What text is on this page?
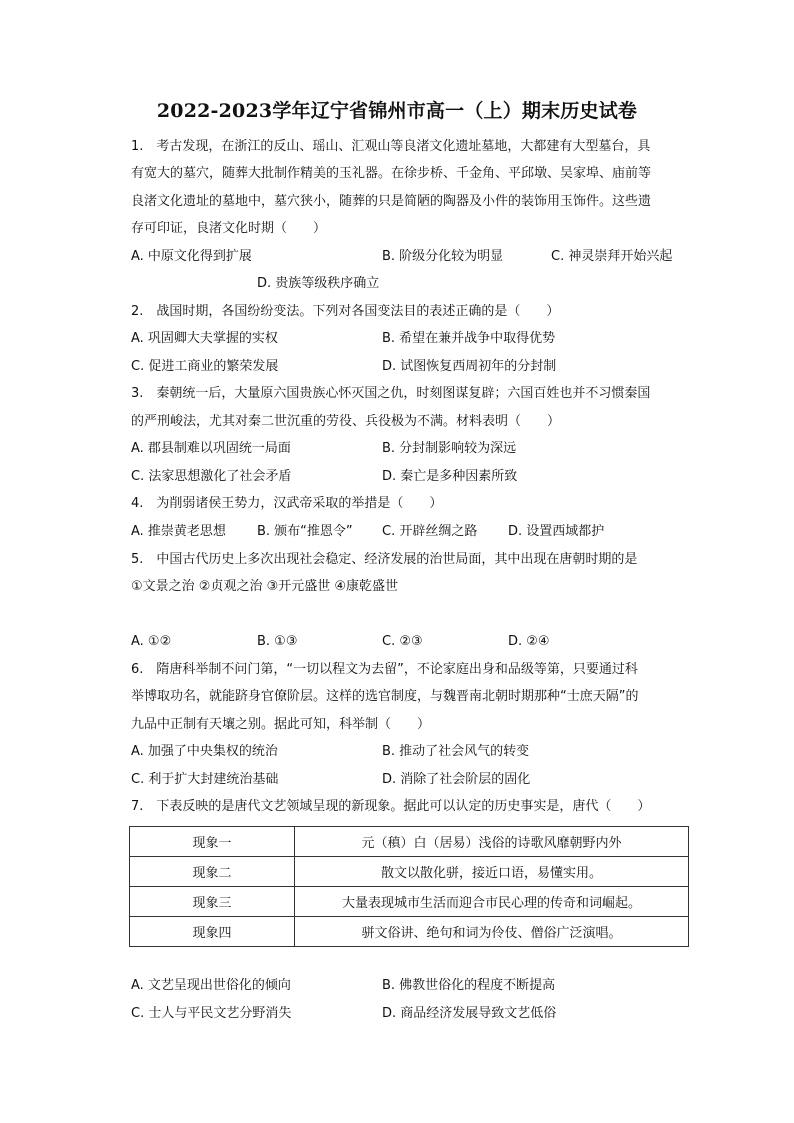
2022-2023学年辽宁省锦州市高一（上）期末历史试卷
1.　考古发现，在浙江的反山、瑶山、汇观山等良渚文化遗址墓地，大都建有大型墓台，具
有宽大的墓穴，随葬大批制作精美的玉礼器。在徐步桥、千金角、平邱墩、吴家埠、庙前等
良渚文化遗址的墓地中，墓穴狭小，随葬的只是简陋的陶器及小件的装饰用玉饰件。这些遗
存可印证，良渚文化时期（　　）
A. 中原文化得到扩展	B. 阶级分化较为明显	C. 神灵崇拜开始兴起
D. 贵族等级秩序确立
2.　战国时期，各国纷纷变法。下列对各国变法目的表述正确的是（　　）
A. 巩固卿大夫掌握的实权	B. 希望在兼并战争中取得优势
C. 促进工商业的繁荣发展	D. 试图恢复西周初年的分封制
3.　秦朝统一后，大量原六国贵族心怀灭国之仇，时刻图谋复辟；六国百姓也并不习惯秦国
的严刑峻法，尤其对秦二世沉重的劳役、兵役极为不满。材料表明（　　）
A. 郡县制难以巩固统一局面	B. 分封制影响较为深远
C. 法家思想激化了社会矛盾	D. 秦亡是多种因素所致
4.　为削弱诸侯王势力，汉武帝采取的举措是（　　）
A. 推崇黄老思想 B. 颁布“推恩令” C. 开辟丝绸之路 D. 设置西域都护
5.　中国古代历史上多次出现社会稳定、经济发展的治世局面，其中出现在唐朝时期的是
①文景之治 ②贞观之治 ③开元盛世 ④康乾盛世
A. ①②	B. ①③	C. ②③	D. ②④
6.　隋唐科举制不问门第，“一切以程文为去留”，不论家庭出身和品级等第，只要通过科
举博取功名，就能跻身官僚阶层。这样的选官制度，与魏晋南北朝时期那种“士庶天隔”的
九品中正制有天壤之别。据此可知，科举制（　　）
A. 加强了中央集权的统治	B. 推动了社会风气的转变
C. 利于扩大封建统治基础	D. 消除了社会阶层的固化
7.　下表反映的是唐代文艺领域呈现的新现象。据此可以认定的历史事实是，唐代（　　）
现象一	元（稹）白（居易）浅俗的诗歌风靡朝野内外
现象二	散文以散化骈，接近口语，易懂实用。
现象三	大量表现城市生活而迎合市民心理的传奇和词崛起。
现象四	骈文俗讲、绝句和词为伶伎、僧俗广泛演唱。
A. 文艺呈现出世俗化的倾向	B. 佛教世俗化的程度不断提高
C. 士人与平民文艺分野消失	D. 商品经济发展导致文艺低俗
